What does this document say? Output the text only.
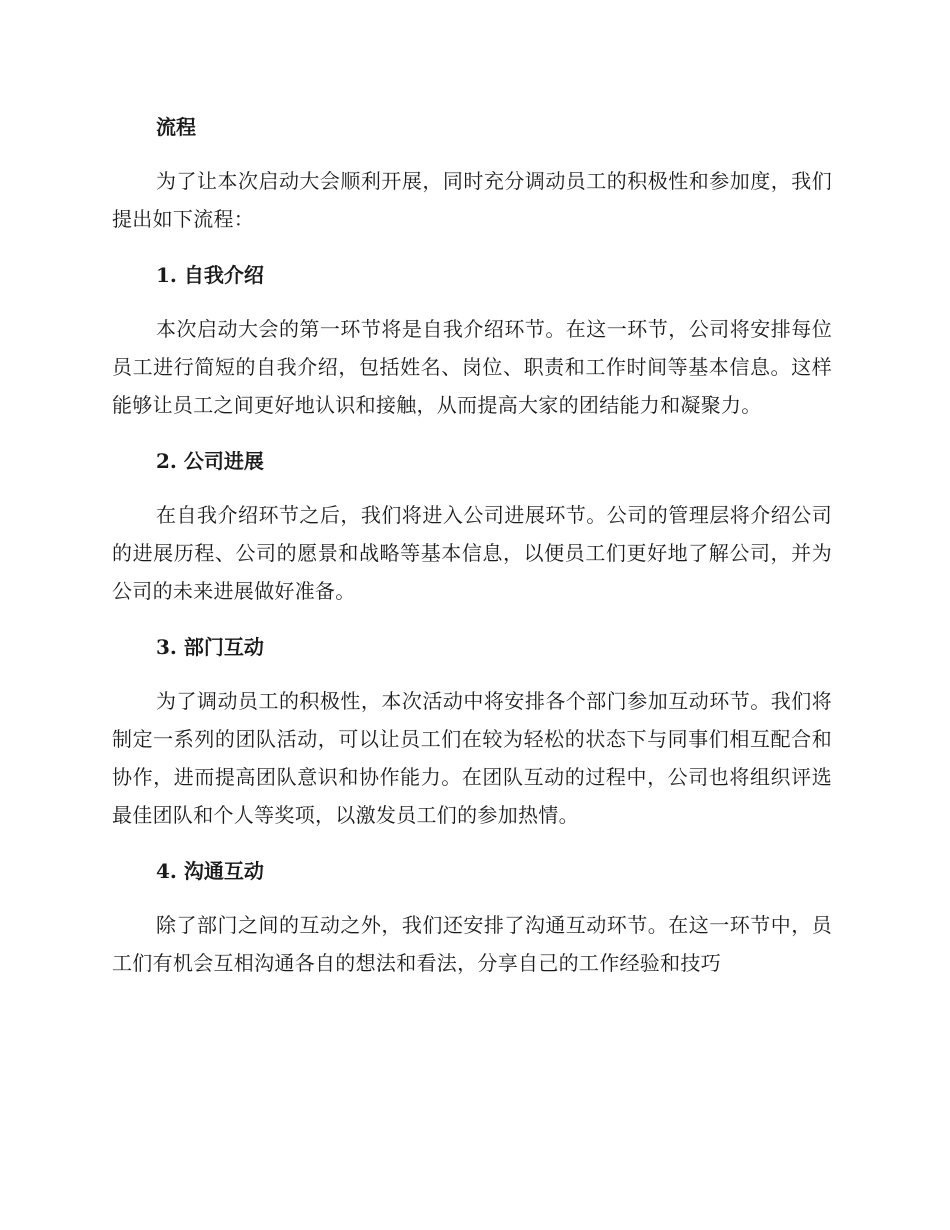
流程

为了让本次启动大会顺利开展，同时充分调动员工的积极性和参加度，我们提出如下流程：

1. 自我介绍

本次启动大会的第一环节将是自我介绍环节。在这一环节，公司将安排每位员工进行简短的自我介绍，包括姓名、岗位、职责和工作时间等基本信息。这样能够让员工之间更好地认识和接触，从而提高大家的团结能力和凝聚力。

2. 公司进展

在自我介绍环节之后，我们将进入公司进展环节。公司的管理层将介绍公司的进展历程、公司的愿景和战略等基本信息，以便员工们更好地了解公司，并为公司的未来进展做好准备。

3. 部门互动

为了调动员工的积极性，本次活动中将安排各个部门参加互动环节。我们将制定一系列的团队活动，可以让员工们在较为轻松的状态下与同事们相互配合和协作，进而提高团队意识和协作能力。在团队互动的过程中，公司也将组织评选最佳团队和个人等奖项，以激发员工们的参加热情。

4. 沟通互动

除了部门之间的互动之外，我们还安排了沟通互动环节。在这一环节中，员工们有机会互相沟通各自的想法和看法，分享自己的工作经验和技巧
